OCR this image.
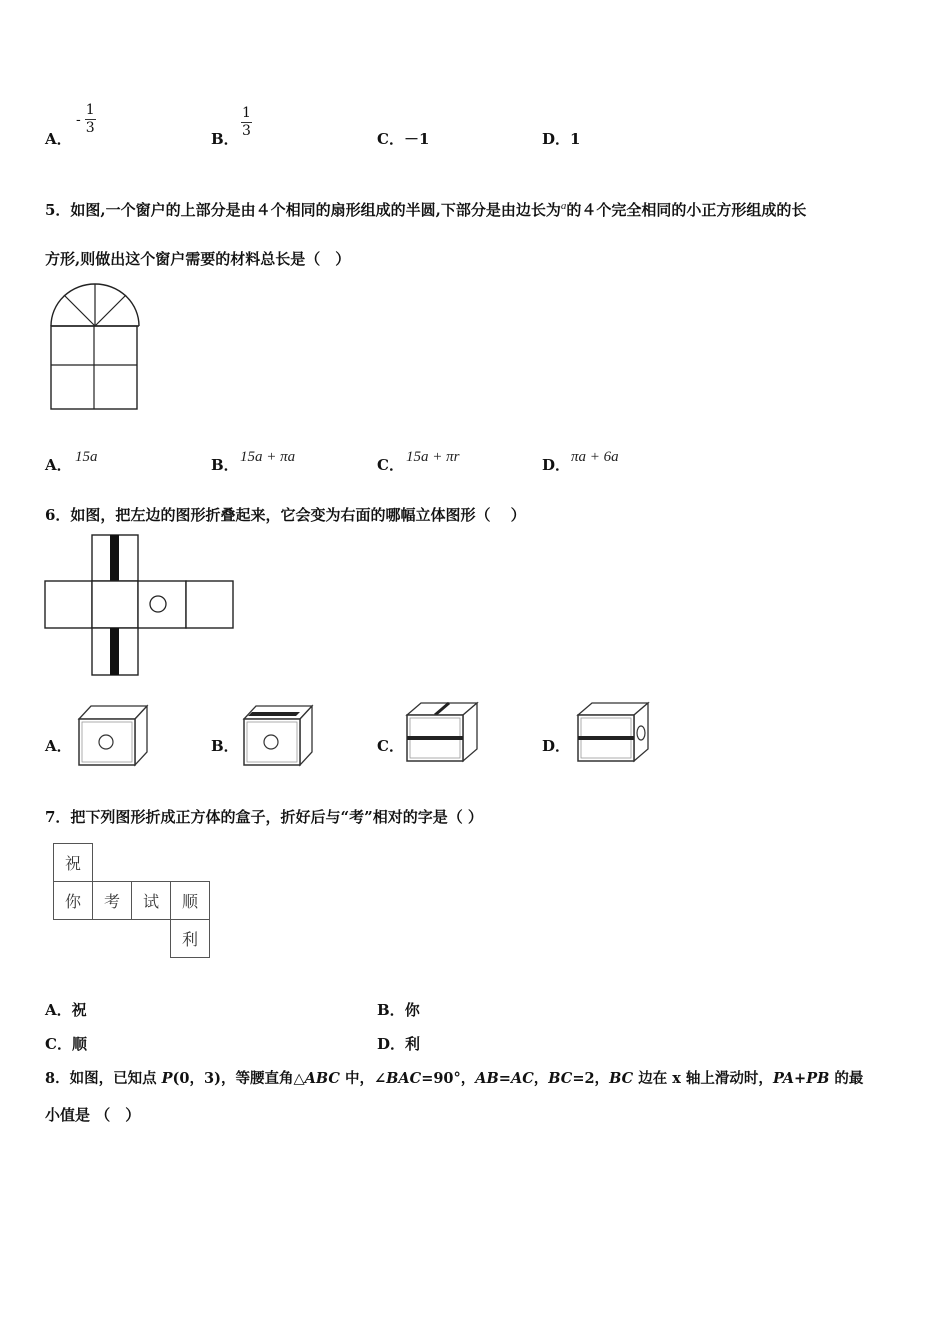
A．
- $\frac{1}{3}$
B． $\frac{1}{3}$	C．－1	D．1
5．如图,一个窗户的上部分是由４个相同的扇形组成的半圆,下部分是由边长为$^a$的４个完全相同的小正方形组成的长
方形,则做出这个窗户需要的材料总长是（　）
A． 15a	B． 15a + πa	C． 15a + πr	D． πa + 6a
6．如图，把左边的图形折叠起来，它会变为右面的哪幅立体图形（　 ）
A．	B．	C．	D．
7．把下列图形折成正方体的盒子，折好后与“考”相对的字是（ ）
祝			
你	考	试	顺
			利
A．祝	B．你
C．顺	D．利
8．如图，已知点 P(0，3)，等腰直角△ABC 中，∠BAC=90°，AB=AC，BC=2，BC 边在 x 轴上滑动时，PA+PB 的最
小值是 （　）
